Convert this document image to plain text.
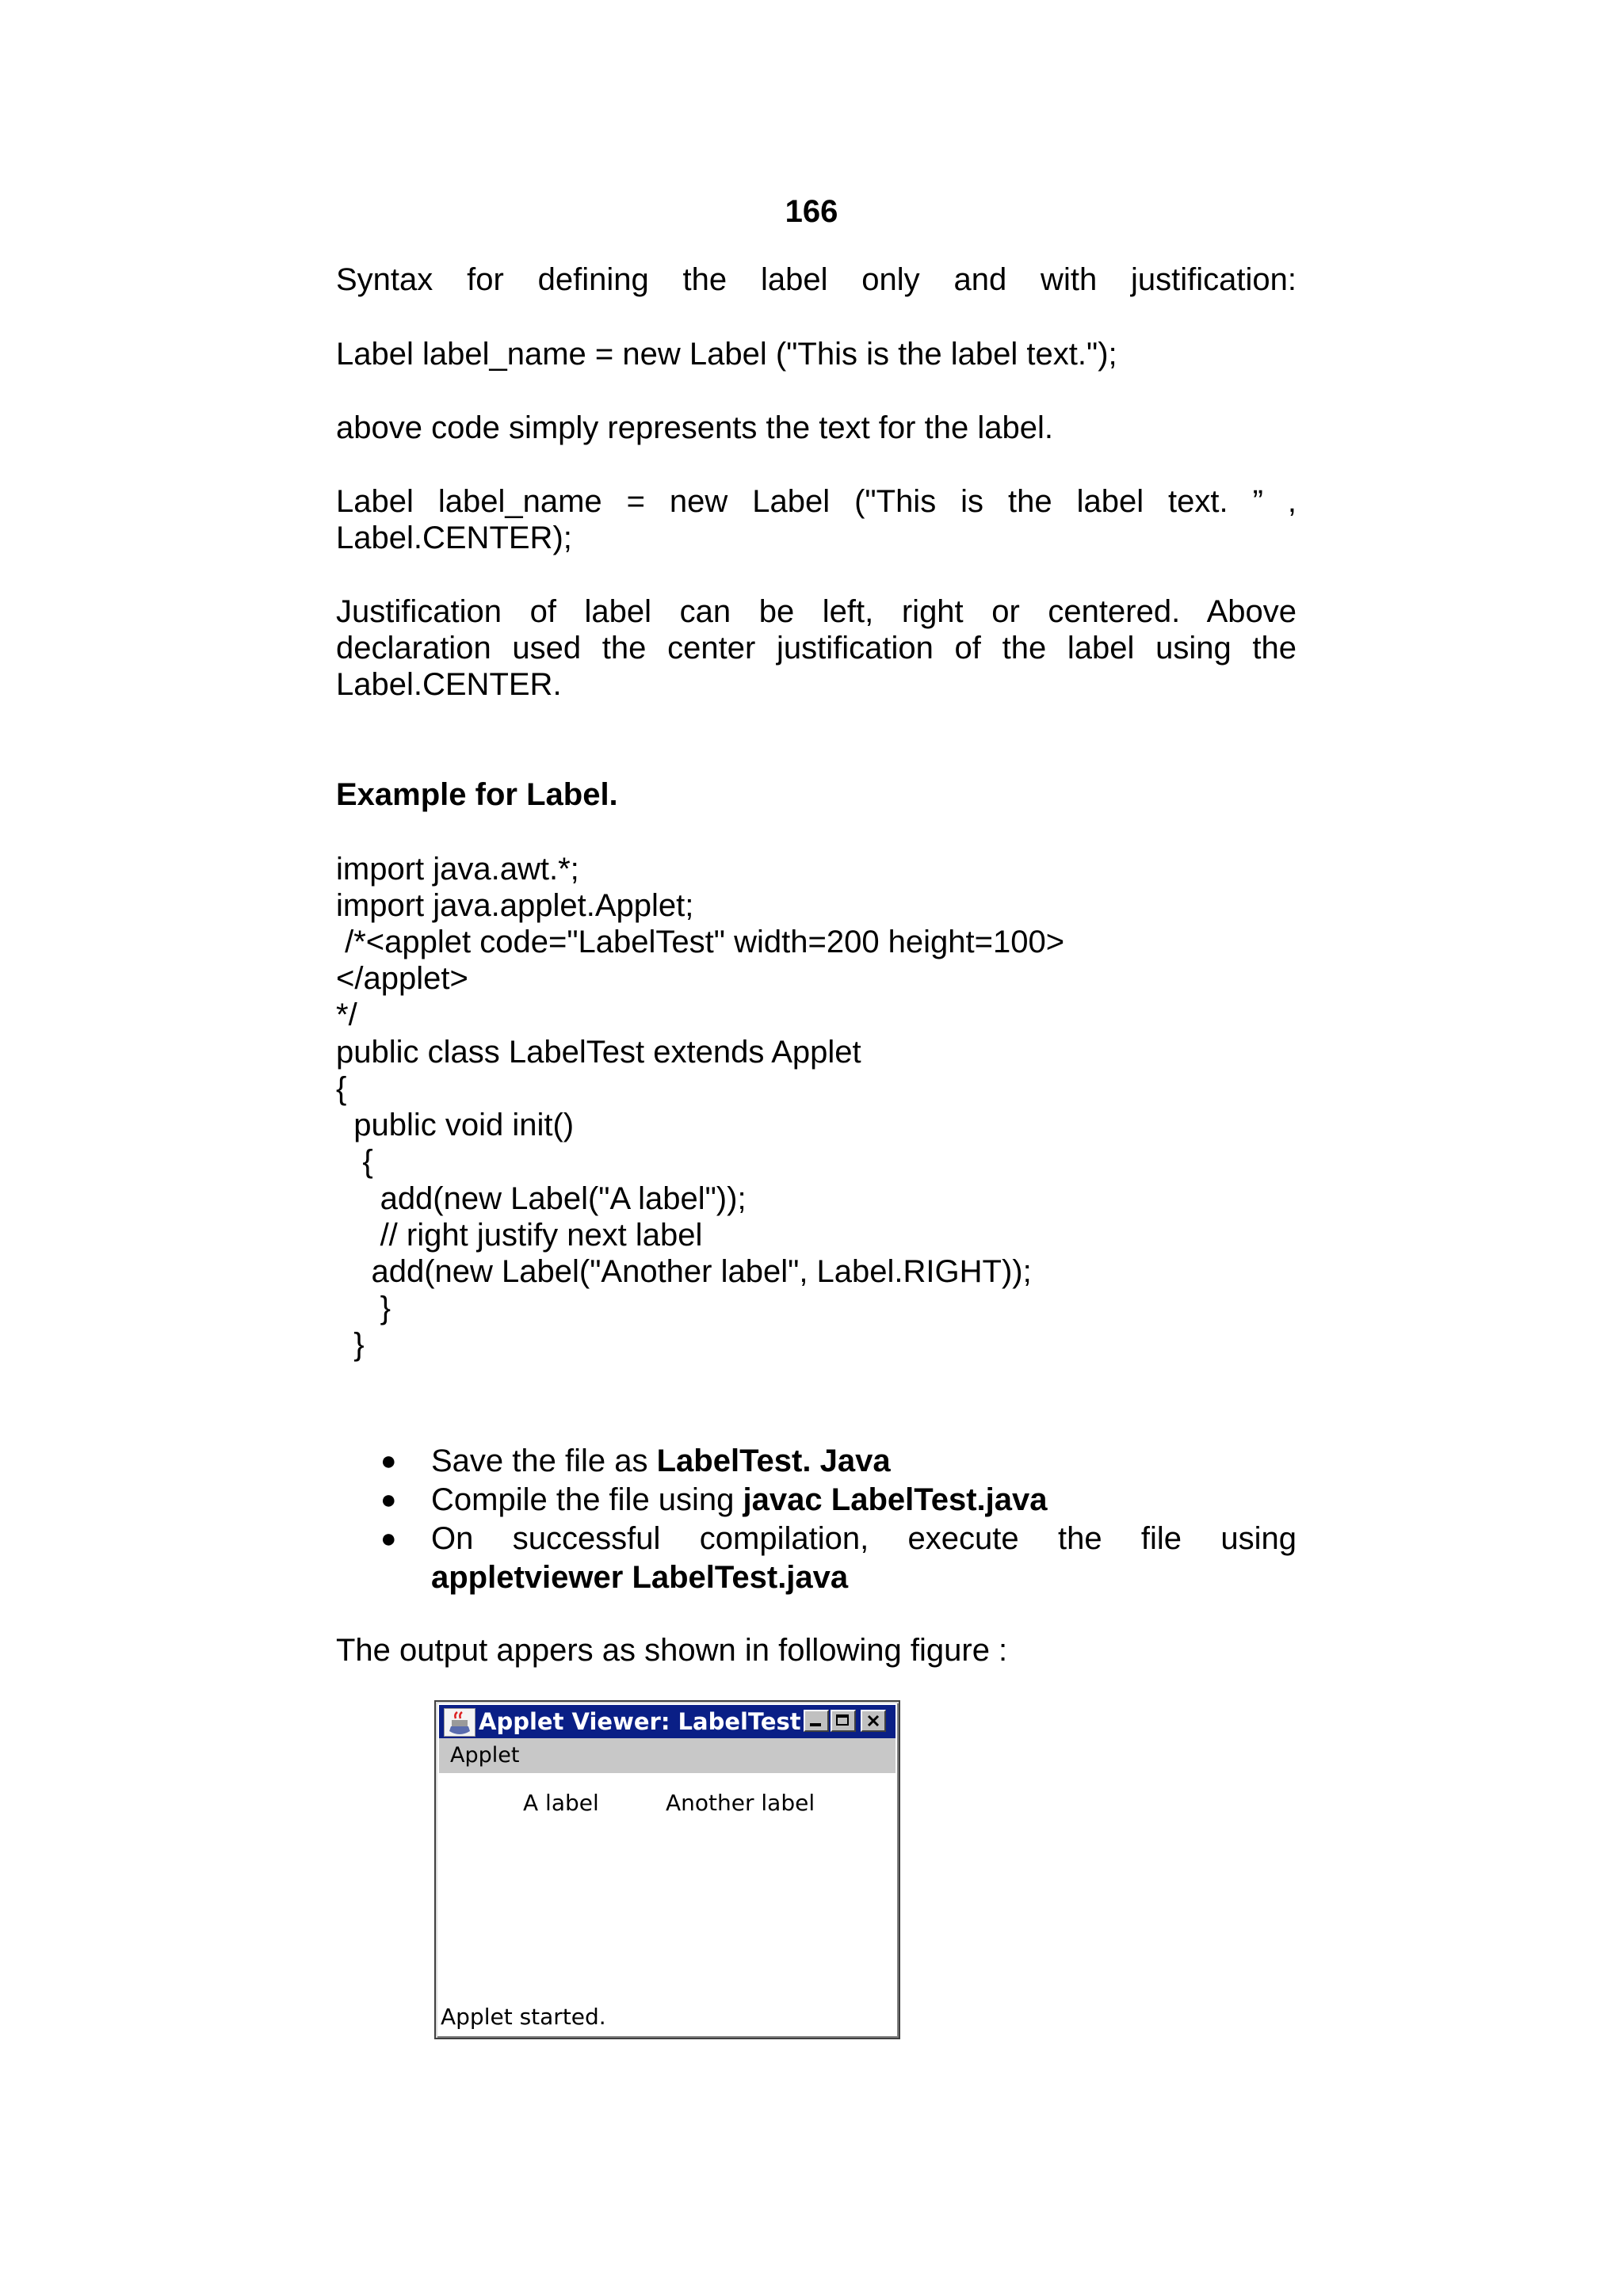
166

Syntax for defining the label only and with justification:

Label label_name = new Label ("This is the label text.");

above code simply represents the text for the label.

Label label_name = new Label ("This is the label text. ” ,

Label.CENTER);

Justification of label can be left, right or centered. Above

declaration used the center justification of the label using the

Label.CENTER.

Example for Label.

import java.awt.*;

import java.applet.Applet;

/*<applet code="LabelTest" width=200 height=100>

</applet>

*/

public class LabelTest extends Applet

{

public void init()

{

add(new Label("A label"));

// right justify next label

add(new Label("Another label", Label.RIGHT));

}

}

● Save the file as LabelTest. Java
● Compile the file using javac LabelTest.java
● On successful compilation, execute the file using
appletviewer LabelTest.java

The output appers as shown in following figure :

Applet Viewer: LabelTest
Applet
A label	Another label
Applet started.
